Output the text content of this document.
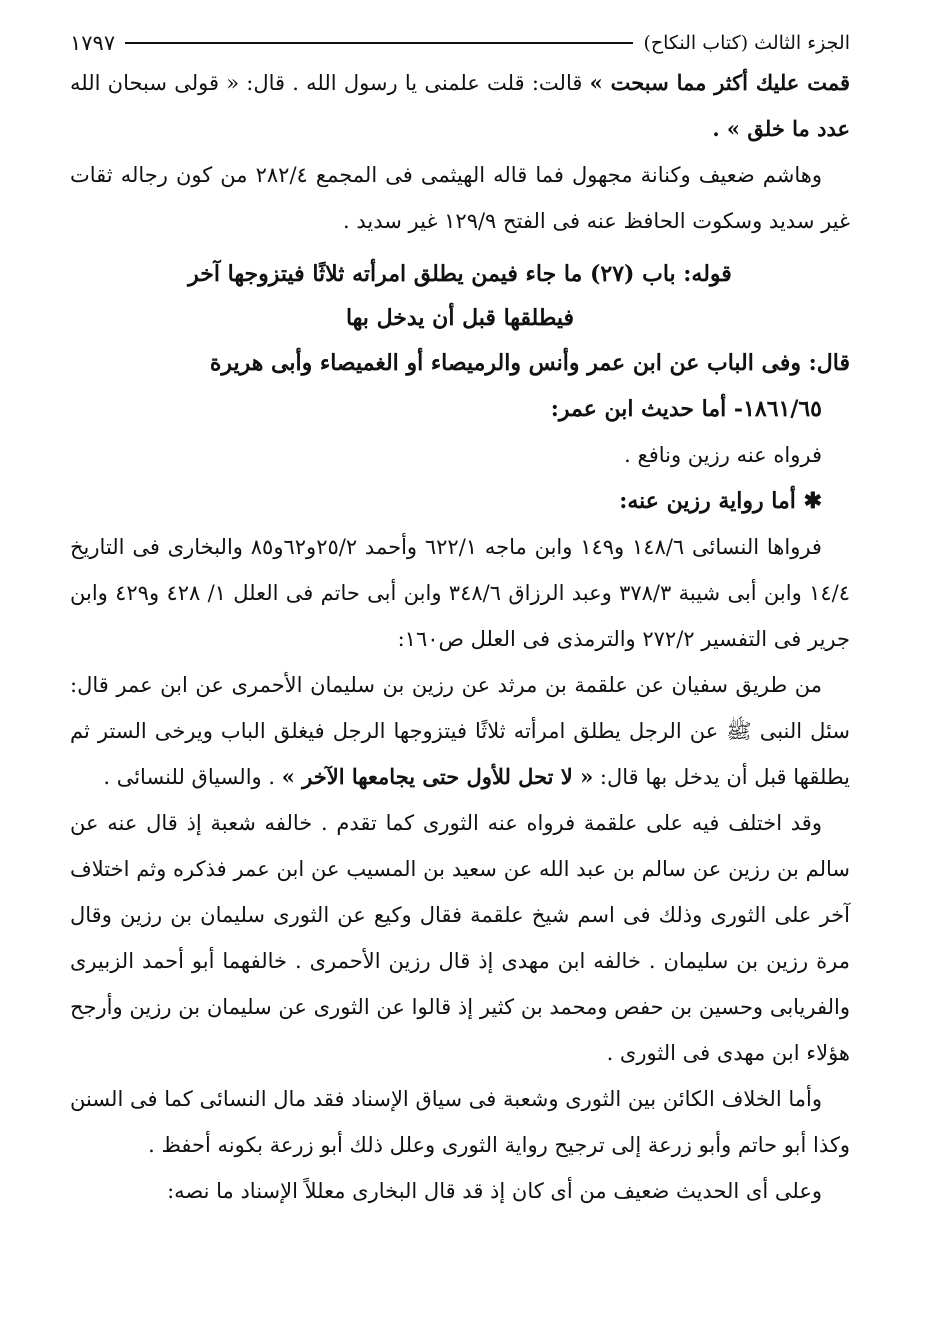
الجزء الثالث (كتاب النكاح)
١٧٩٧

قمت عليك أكثر مما سبحت » قالت: قلت علمنى يا رسول الله . قال: « قولى سبحان الله عدد ما خلق » .

وهاشم ضعيف وكنانة مجهول فما قاله الهيثمى فى المجمع ٢٨٢/٤ من كون رجاله ثقات غير سديد وسكوت الحافظ عنه فى الفتح ١٢٩/٩ غير سديد .

قوله: باب (٢٧) ما جاء فيمن يطلق امرأته ثلاثًا فيتزوجها آخر
فيطلقها قبل أن يدخل بها

قال: وفى الباب عن ابن عمر وأنس والرميصاء أو الغميصاء وأبى هريرة

١٨٦١/٦٥- أما حديث ابن عمر:

فرواه عنه رزين ونافع .

✱ أما رواية رزين عنه:

فرواها النسائى ١٤٨/٦ و١٤٩ وابن ماجه ٦٢٢/١ وأحمد ٢٥/٢و٦٢و٨٥ والبخارى فى التاريخ ١٤/٤ وابن أبى شيبة ٣٧٨/٣ وعبد الرزاق ٣٤٨/٦ وابن أبى حاتم فى العلل ١/ ٤٢٨ و٤٢٩ وابن جرير فى التفسير ٢٧٢/٢ والترمذى فى العلل ص١٦٠:

من طريق سفيان عن علقمة بن مرثد عن رزين بن سليمان الأحمرى عن ابن عمر قال: سئل النبى ﷺ عن الرجل يطلق امرأته ثلاثًا فيتزوجها الرجل فيغلق الباب ويرخى الستر ثم يطلقها قبل أن يدخل بها قال: « لا تحل للأول حتى يجامعها الآخر » . والسياق للنسائى .

وقد اختلف فيه على علقمة فرواه عنه الثورى كما تقدم . خالفه شعبة إذ قال عنه عن سالم بن رزين عن سالم بن عبد الله عن سعيد بن المسيب عن ابن عمر فذكره وثم اختلاف آخر على الثورى وذلك فى اسم شيخ علقمة فقال وكيع عن الثورى سليمان بن رزين وقال مرة رزين بن سليمان . خالفه ابن مهدى إذ قال رزين الأحمرى . خالفهما أبو أحمد الزبيرى والفريابى وحسين بن حفص ومحمد بن كثير إذ قالوا عن الثورى عن سليمان بن رزين وأرجح هؤلاء ابن مهدى فى الثورى .

وأما الخلاف الكائن بين الثورى وشعبة فى سياق الإسناد فقد مال النسائى كما فى السنن وكذا أبو حاتم وأبو زرعة إلى ترجيح رواية الثورى وعلل ذلك أبو زرعة بكونه أحفظ .

وعلى أى الحديث ضعيف من أى كان إذ قد قال البخارى معللاً الإسناد ما نصه:
